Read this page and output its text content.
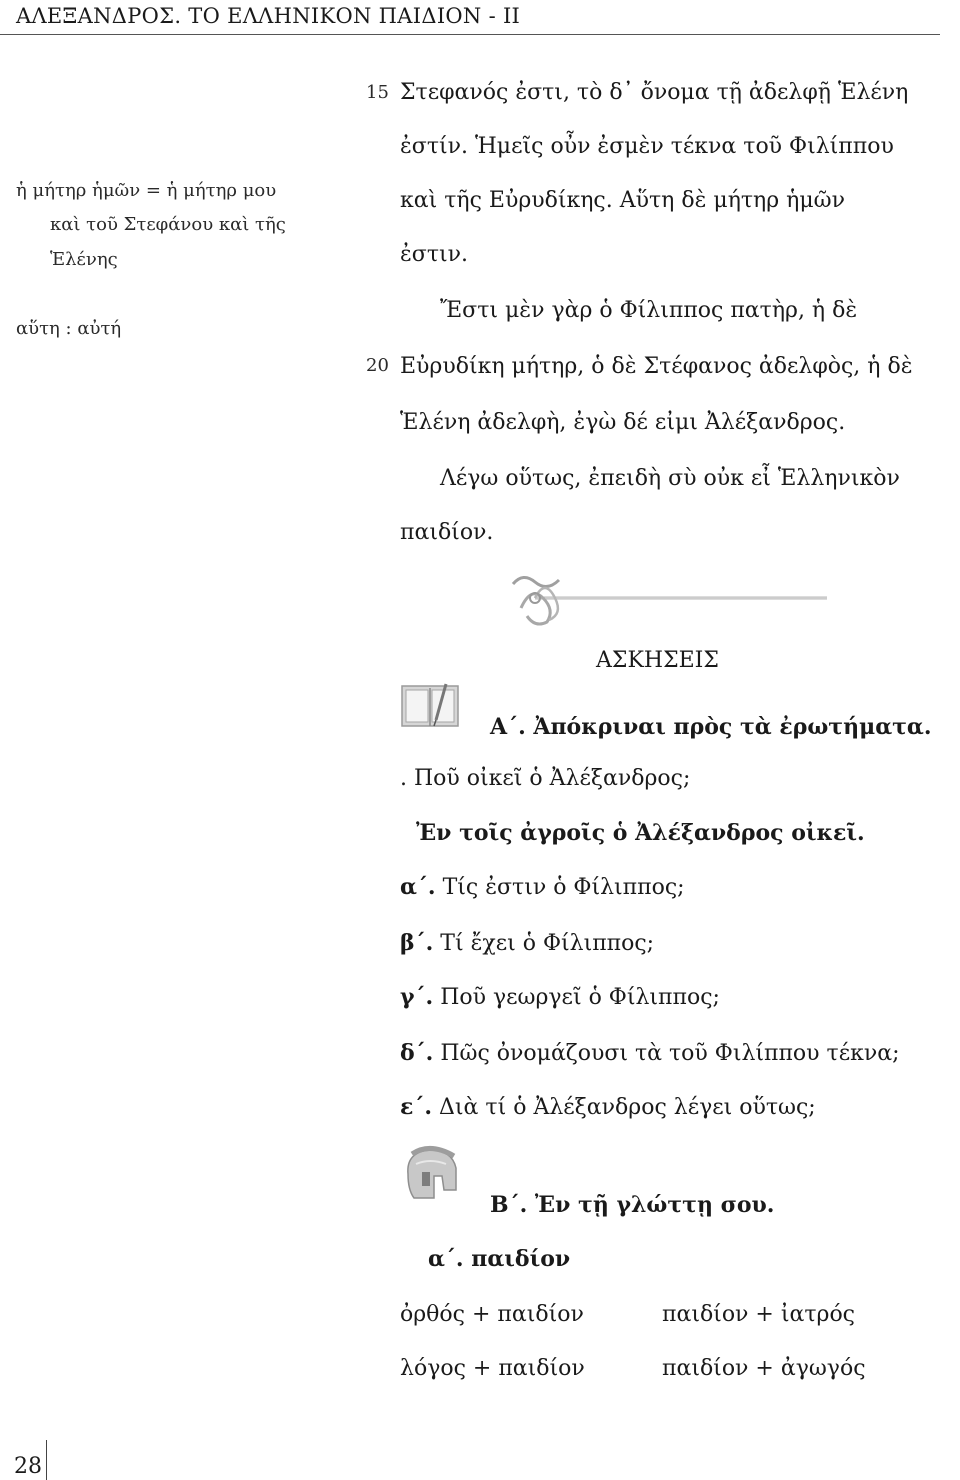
ΑΛΕΞΑΝΔΡΟΣ. ΤΟ ΕΛΛΗΝΙΚΟΝ ΠΑΙΔΙΟΝ - II
ἡ μήτηρ ἡμῶν = ἡ μήτηρ μου
καὶ τοῦ Στεφάνου καὶ τῆς
Ἑλένης
αὕτη : αὐτή
15
20
Στεφανός ἐστι, τὸ δ᾽ ὄνομα τῇ ἀδελφῇ Ἑλένη
ἐστίν. Ἡμεῖς οὖν ἐσμὲν τέκνα τοῦ Φιλίππου
καὶ τῆς Εὐρυδίκης. Αὕτη δὲ μήτηρ ἡμῶν
ἐστιν.
Ἔστι μὲν γὰρ ὁ Φίλιππος πατὴρ, ἡ δὲ
Εὐρυδίκη μήτηρ, ὁ δὲ Στέφανος ἀδελφὸς, ἡ δὲ
Ἑλένη ἀδελφὴ, ἐγὼ δέ εἰμι Ἀλέξανδρος.
Λέγω οὕτως, ἐπειδὴ σὺ οὐκ εἶ Ἑλληνικὸν
παιδίον.
ΑΣΚΗΣΕΙΣ
Α΄. Ἀπόκριναι πρὸς τὰ ἐρωτήματα.
. Ποῦ οἰκεῖ ὁ Ἀλέξανδρος;
Ἐν τοῖς ἀγροῖς ὁ Ἀλέξανδρος οἰκεῖ.
α΄. Τίς ἐστιν ὁ Φίλιππος;
β΄. Τί ἔχει ὁ Φίλιππος;
γ΄. Ποῦ γεωργεῖ ὁ Φίλιππος;
δ΄. Πῶς ὀνομάζουσι τὰ τοῦ Φιλίππου τέκνα;
ε΄. Διὰ τί ὁ Ἀλέξανδρος λέγει οὕτως;
Β΄. Ἐν τῇ γλώττῃ σου.
α΄. παιδίον
ὀρθός + παιδίον	παιδίον + ἰατρός
λόγος + παιδίον	παιδίον + ἀγωγός
28
